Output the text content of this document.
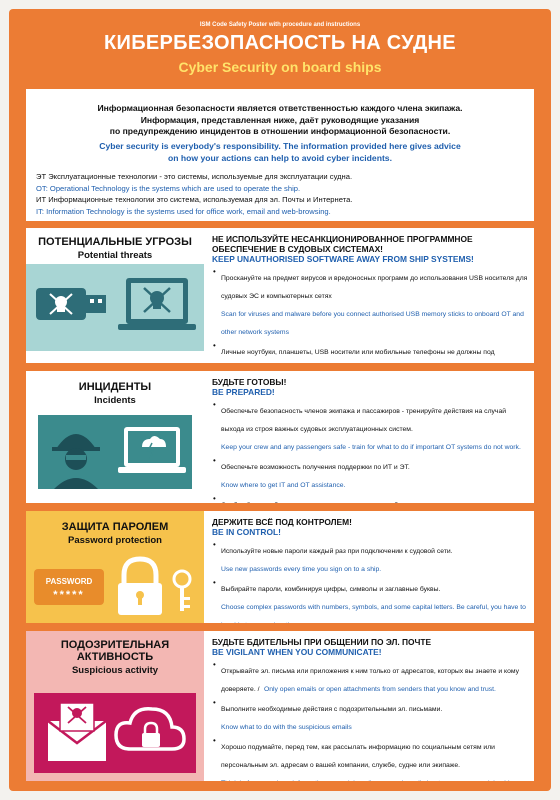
ISM Code Safety Poster with procedure and instructions
КИБЕРБЕЗОПАСНОСТЬ НА СУДНЕ
Cyber Security on board ships
Информационная безопасности является ответственностью каждого члена экипажа.
Информация, представленная ниже, даёт руководящие указания
по предупреждению инцидентов в отношении информационной безопасности.
Cyber security is everybody's responsibility. The information provided here gives advice
on how your actions can help to avoid cyber incidents.
ЭТ Эксплуатационные технологии - это системы, используемые для эксплуатации судна.
OT: Operational Technology is the systems which are used to operate the ship.
ИТ Информационные технологии это система, используемая для эл. Почты и Интернета.
IT: Information Technology is the systems used for office work, email and web-browsing.
ПОТЕНЦИАЛЬНЫЕ УГРОЗЫ
Potential threats
НЕ ИСПОЛЬЗУЙТЕ НЕСАНКЦИОНИРОВАННОЕ ПРОГРАММНОЕ ОБЕСПЕЧЕНИЕ В СУДОВЫХ СИСТЕМАХ!
KEEP UNAUTHORISED SOFTWARE AWAY FROM SHIP SYSTEMS!
• Проскануйте на предмет вирусов и вредоносных программ до использования USB носителя для судовых ЭС и компьютерных сетях
Scan for viruses and malware before you connect authorised USB memory sticks to onboard OT and other network systems
• Личные ноутбуки, планшеты, USB носители или мобильные телефоны не должны под

ИНЦИДЕНТЫ
Incidents
БУДЬТЕ ГОТОВЫ!
BE PREPARED!
• Обеспечьте безопасность членов экипажа и пассажиров - тренируйте действия на случай выхода из строя важных судовых эксплуатационных систем.
Keep your crew and any passengers safe - train for what to do if important OT systems do not work.
• Обеспечьте возможность получения поддержки по ИТ и ЭТ.
Know where to get IT and OT assistance.
•

ЗАЩИТА ПАРОЛЕМ
Password protection
PASSWORD
*****
ДЕРЖИТЕ ВСЁ ПОД КОНТРОЛЕМ!
BE IN CONTROL!
• Используйте новые пароли каждый раз при подключении к судовой сети.
Use new passwords every time you sign on to a ship.
• Выбирайте пароли, комбинируя цифры, символы и заглавные буквы.
Choose complex passwords with numbers, symbols, and some capital letters. Be careful, you have to
ПОДОЗРИТЕЛЬНАЯ АКТИВНОСТЬ
Suspicious activity
БУДЬТЕ БДИТЕЛЬНЫ ПРИ ОБЩЕНИИ ПО ЭЛ. ПОЧТЕ
BE VIGILANT WHEN YOU COMMUNICATE!
• Открывайте эл. письма или приложения к ним только от адресатов, которых вы знаете и кому доверяете. / Only open emails or open attachments from senders that you know and trust.
• Выполните необходимые действия с подозрительными эл. письмами.
Know what to do with the suspicious emails
• Хорошо подумайте, перед тем, как рассылать информацию по социальным сетям или персональным эл. адресам о вашей компании, службе, судне или экипаже.
